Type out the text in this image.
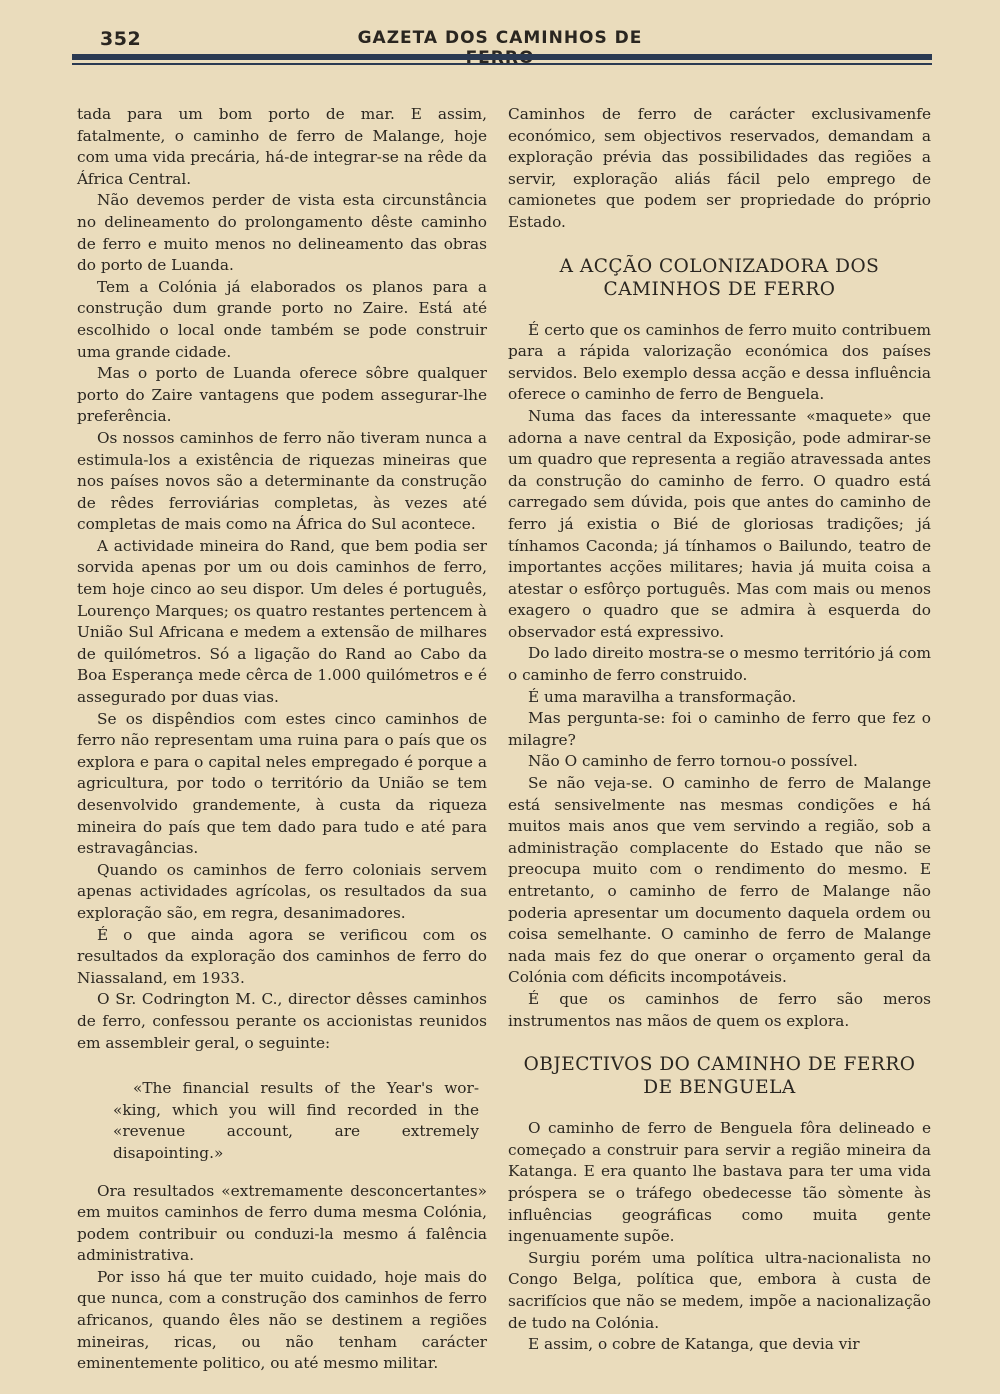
352	GAZETA DOS CAMINHOS DE

tada para um bom porto de mar. E assim, fatalmente, o caminho de ferro de Malange, hoje com uma vida precária, há-de integrar-se na rêde da África Central.

Não devemos perder de vista esta circunstância no delineamento do prolongamento dêste caminho de ferro e muito menos no delineamento das obras do porto de Luanda.

Tem a Colónia já elaborados os planos para a construção dum grande porto no Zaire. Está até escolhido o local onde também se pode construir uma grande cidade.

Mas o porto de Luanda oferece sôbre qualquer porto do Zaire vantagens que podem assegurar-lhe preferência.

Os nossos caminhos de ferro não tiveram nunca a estimula-los a existência de riquezas mineiras que nos países novos são a determinante da construção de rêdes ferroviárias completas, às vezes até completas de mais como na África do Sul acontece.

A actividade mineira do Rand, que bem podia ser sorvida apenas por um ou dois caminhos de ferro, tem hoje cinco ao seu dispor. Um deles é português, Lourenço Marques; os quatro restantes pertencem à União Sul Africana e medem a extensão de milhares de quilómetros. Só a ligação do Rand ao Cabo da Boa Esperança mede cêrca de 1.000 quilómetros e é assegurado por duas vias.

Se os dispêndios com estes cinco caminhos de ferro não representam uma ruina para o país que os explora e para o capital neles empregado é porque a agricultura, por todo o território da União se tem desenvolvido grandemente, à custa da riqueza mineira do país que tem dado para tudo e até para estravagâncias.

Quando os caminhos de ferro coloniais servem apenas actividades agrícolas, os resultados da sua exploração são, em regra, desanimadores.

É o que ainda agora se verificou com os resultados da exploração dos caminhos de ferro do Niassaland, em 1933.

O Sr. Codrington M. C., director dêsses caminhos de ferro, confessou perante os accionistas reunidos em assembleir geral, o seguinte:

«The financial results of the Year's wor- «king, which you will find recorded in the «revenue account, are extremely disapointing.»

Ora resultados «extremamente desconcertantes» em muitos caminhos de ferro duma mesma Colónia, podem contribuir ou conduzi-la mesmo á falência administrativa.

Por isso há que ter muito cuidado, hoje mais do que nunca, com a construção dos caminhos de ferro africanos, quando êles não se destinem a regiões mineiras, ricas, ou não tenham carácter eminentemente politico, ou até mesmo militar.

Caminhos de ferro de carácter exclusivamenfe económico, sem objectivos reservados, demandam a exploração prévia das possibilidades das regiões a servir, exploração aliás fácil pelo emprego de camionetes que podem ser propriedade do próprio Estado.

A ACÇÃO COLONIZADORA DOS CAMINHOS DE FERRO

É certo que os caminhos de ferro muito contribuem para a rápida valorização económica dos países servidos. Belo exemplo dessa acção e dessa influência oferece o caminho de ferro de Benguela.

Numa das faces da interessante «maquete» que adorna a nave central da Exposição, pode admirar-se um quadro que representa a região atravessada antes da construção do caminho de ferro. O quadro está carregado sem dúvida, pois que antes do caminho de ferro já existia o Bié de gloriosas tradições; já tínhamos Caconda; já tínhamos o Bailundo, teatro de importantes acções militares; havia já muita coisa a atestar o esfôrço português. Mas com mais ou menos exagero o quadro que se admira à esquerda do observador está expressivo.

Do lado direito mostra-se o mesmo território já com o caminho de ferro construido.

É uma maravilha a transformação.

Mas pergunta-se: foi o caminho de ferro que fez o milagre?

Não O caminho de ferro tornou-o possível.

Se não veja-se. O caminho de ferro de Malange está sensivelmente nas mesmas condições e há muitos mais anos que vem servindo a região, sob a administração complacente do Estado que não se preocupa muito com o rendimento do mesmo. E entretanto, o caminho de ferro de Malange não poderia apresentar um documento daquela ordem ou coisa semelhante. O caminho de ferro de Malange nada mais fez do que onerar o orçamento geral da Colónia com déficits incompotáveis.

É que os caminhos de ferro são meros instrumentos nas mãos de quem os explora.

OBJECTIVOS DO CAMINHO DE FERRO DE BENGUELA

O caminho de ferro de Benguela fôra delineado e começado a construir para servir a região mineira da Katanga. E era quanto lhe bastava para ter uma vida próspera se o tráfego obedecesse tão sòmente às influências geográficas como muita gente ingenuamente supõe.

Surgiu porém uma política ultra-nacionalista no Congo Belga, política que, embora à custa de sacrifícios que não se medem, impõe a nacionalização de tudo na Colónia.

E assim, o cobre de Katanga, que devia vir
